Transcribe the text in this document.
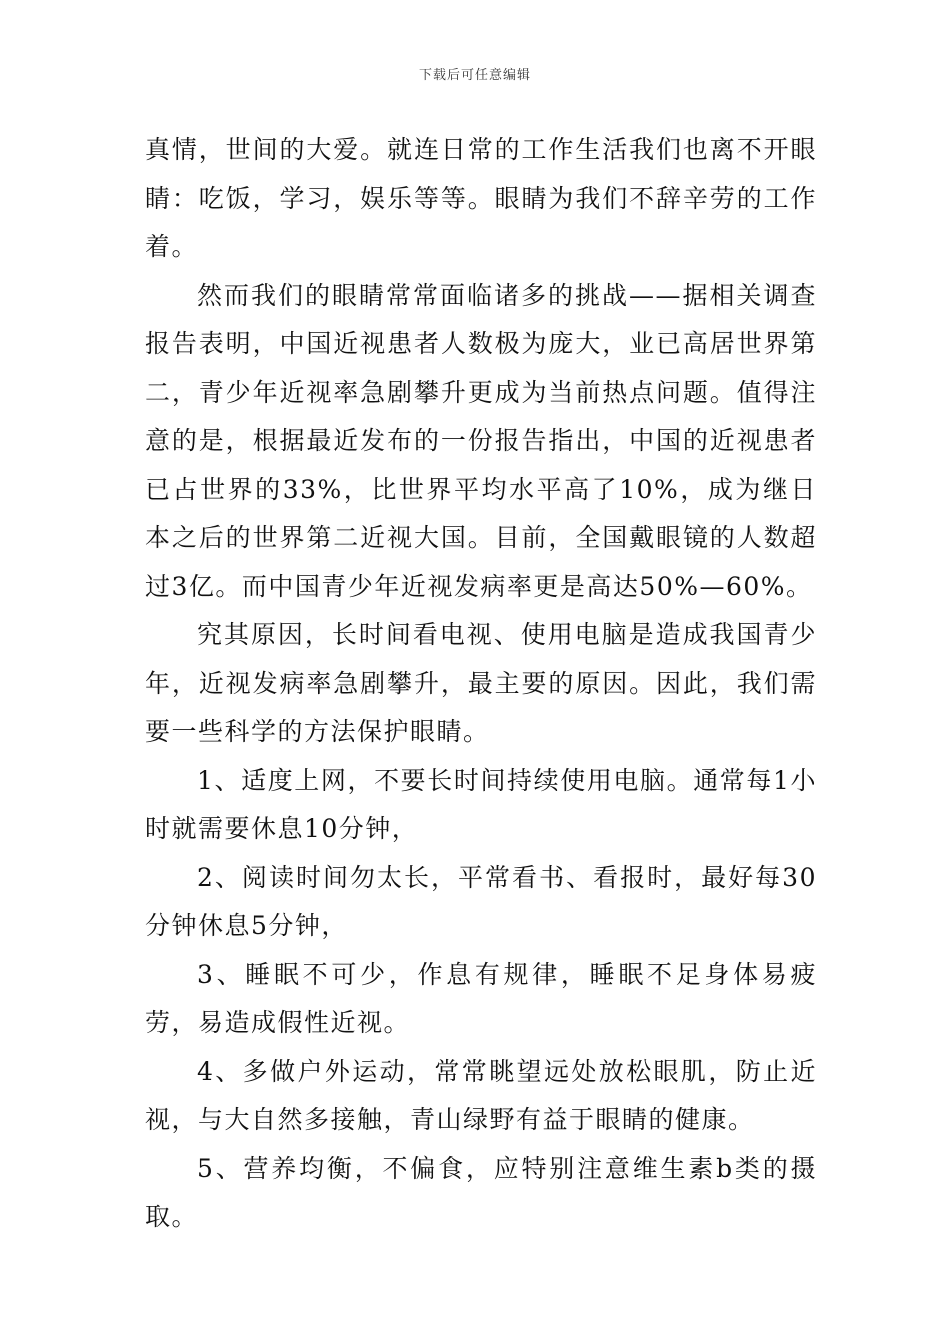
下载后可任意编辑

真情，世间的大爱。就连日常的工作生活我们也离不开眼睛：吃饭，学习，娱乐等等。眼睛为我们不辞辛劳的工作着。

然而我们的眼睛常常面临诸多的挑战——据相关调查报告表明，中国近视患者人数极为庞大，业已高居世界第二，青少年近视率急剧攀升更成为当前热点问题。值得注意的是，根据最近发布的一份报告指出，中国的近视患者已占世界的33%，比世界平均水平高了10%，成为继日本之后的世界第二近视大国。目前，全国戴眼镜的人数超过3亿。而中国青少年近视发病率更是高达50%—60%。

究其原因，长时间看电视、使用电脑是造成我国青少年，近视发病率急剧攀升，最主要的原因。因此，我们需要一些科学的方法保护眼睛。

1、适度上网，不要长时间持续使用电脑。通常每1小时就需要休息10分钟，

2、阅读时间勿太长，平常看书、看报时，最好每30分钟休息5分钟，

3、睡眠不可少，作息有规律，睡眠不足身体易疲劳，易造成假性近视。

4、多做户外运动，常常眺望远处放松眼肌，防止近视，与大自然多接触，青山绿野有益于眼睛的健康。

5、营养均衡，不偏食，应特别注意维生素b类的摄取。
